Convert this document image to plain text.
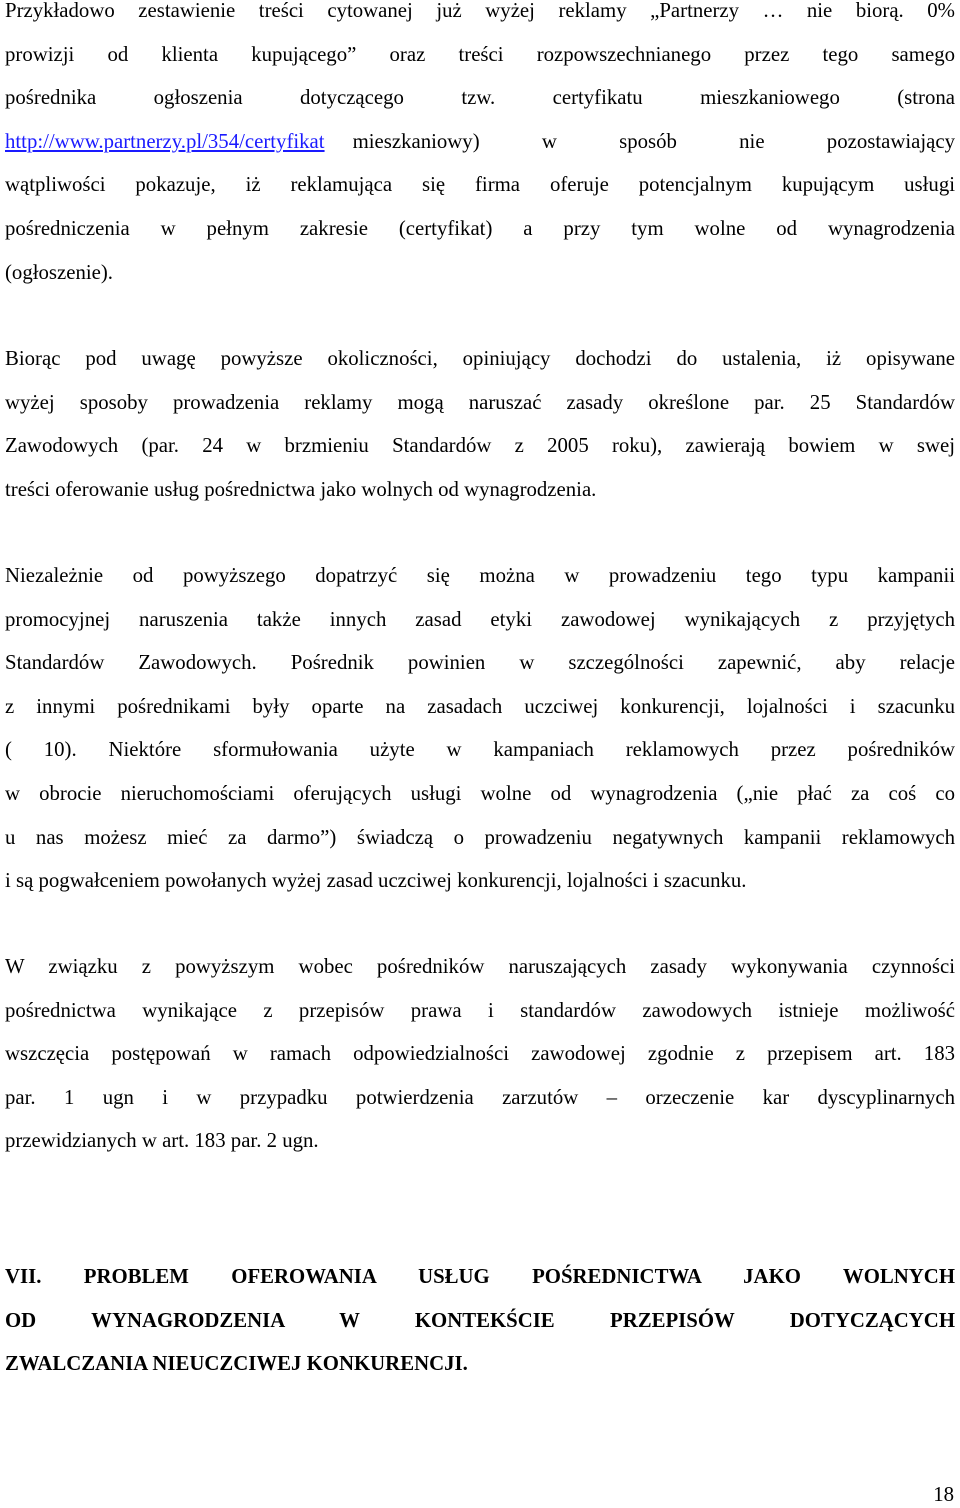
Przykładowo zestawienie treści cytowanej już wyżej reklamy „Partnerzy … nie biorą. 0%
prowizji od klienta kupującego” oraz treści rozpowszechnianego przez tego samego
pośrednika ogłoszenia dotyczącego tzw. certyfikatu mieszkaniowego (strona
http://www.partnerzy.pl/354/certyfikat	mieszkaniowy) w sposób nie pozostawiający
wątpliwości pokazuje, iż reklamująca się firma oferuje potencjalnym kupującym usługi
pośredniczenia w pełnym zakresie (certyfikat) a przy tym wolne od wynagrodzenia
(ogłoszenie).
Biorąc pod uwagę powyższe okoliczności, opiniujący dochodzi do ustalenia, iż opisywane
wyżej sposoby prowadzenia reklamy mogą naruszać zasady określone par. 25 Standardów
Zawodowych (par. 24 w brzmieniu Standardów z 2005 roku), zawierają bowiem w swej
treści oferowanie usług pośrednictwa jako wolnych od wynagrodzenia.
Niezależnie od powyższego dopatrzyć się można w prowadzeniu tego typu kampanii
promocyjnej naruszenia także innych zasad etyki zawodowej wynikających z przyjętych
Standardów Zawodowych. Pośrednik powinien w szczególności zapewnić, aby relacje
z innymi pośrednikami były oparte na zasadach uczciwej konkurencji, lojalności i szacunku
( 10). Niektóre sformułowania użyte w kampaniach reklamowych przez pośredników
w obrocie nieruchomościami oferujących usługi wolne od wynagrodzenia („nie płać za coś co
u nas możesz mieć za darmo”) świadczą o prowadzeniu negatywnych kampanii reklamowych
i są pogwałceniem powołanych wyżej zasad uczciwej konkurencji, lojalności i szacunku.
W związku z powyższym wobec pośredników naruszających zasady wykonywania czynności
pośrednictwa wynikające z przepisów prawa i standardów zawodowych istnieje możliwość
wszczęcia postępowań w ramach odpowiedzialności zawodowej zgodnie z przepisem art. 183
par. 1 ugn i w przypadku potwierdzenia zarzutów – orzeczenie kar dyscyplinarnych
przewidzianych w art. 183 par. 2 ugn.
VII. PROBLEM OFEROWANIA USŁUG POŚREDNICTWA JAKO WOLNYCH
OD WYNAGRODZENIA W KONTEKŚCIE PRZEPISÓW DOTYCZĄCYCH
ZWALCZANIA NIEUCZCIWEJ KONKURENCJI.
18
